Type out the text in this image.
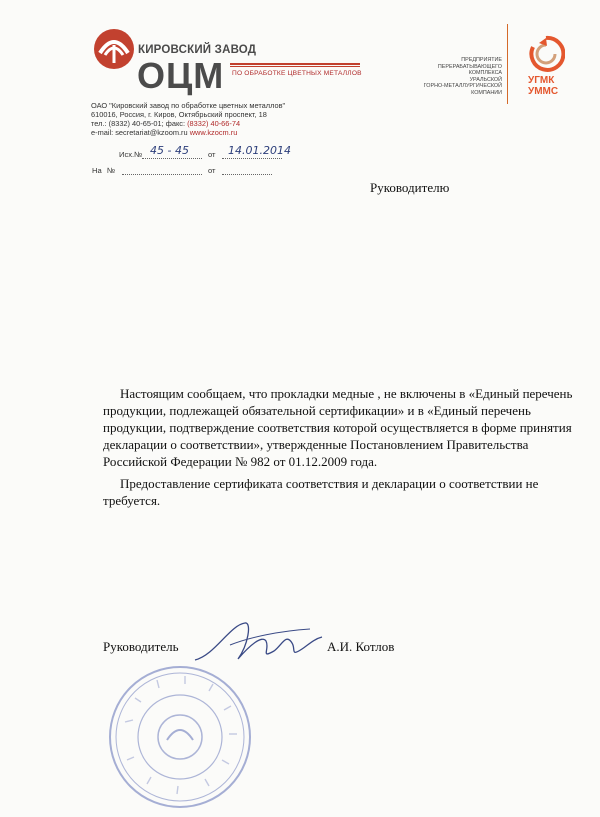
КИРОВСКИЙ ЗАВОД
ОЦМ ПО ОБРАБОТКЕ ЦВЕТНЫХ МЕТАЛЛОВ
ОАО "Кировский завод по обработке цветных металлов"
610016, Россия, г. Киров, Октябрьский проспект, 18
тел.: (8332) 40-65-01; факс: (8332) 40-66-74
e-mail: secretariat@kzoom.ru www.kzocm.ru
Исх.№ 45 - 45	от 14.01.2014
На №	от
ПРЕДПРИЯТИЕ
ПЕРЕРАБАТЫВАЮЩЕГО
КОМПЛЕКСА
УРАЛЬСКОЙ
ГОРНО-МЕТАЛЛУРГИЧЕСКОЙ
КОМПАНИИ
УГМК
УММС
Руководителю

Настоящим сообщаем, что прокладки медные , не включены в «Единый перечень продукции, подлежащей обязательной сертификации» и в «Единый перечень продукции, подтверждение соответствия которой осуществляется в форме принятия декларации о соответствии», утвержденные Постановлением Правительства Российской Федерации № 982 от 01.12.2009 года.

Предоставление сертификата соответствия и декларации о соответствии не требуется.

Руководитель	А.И. Котлов
